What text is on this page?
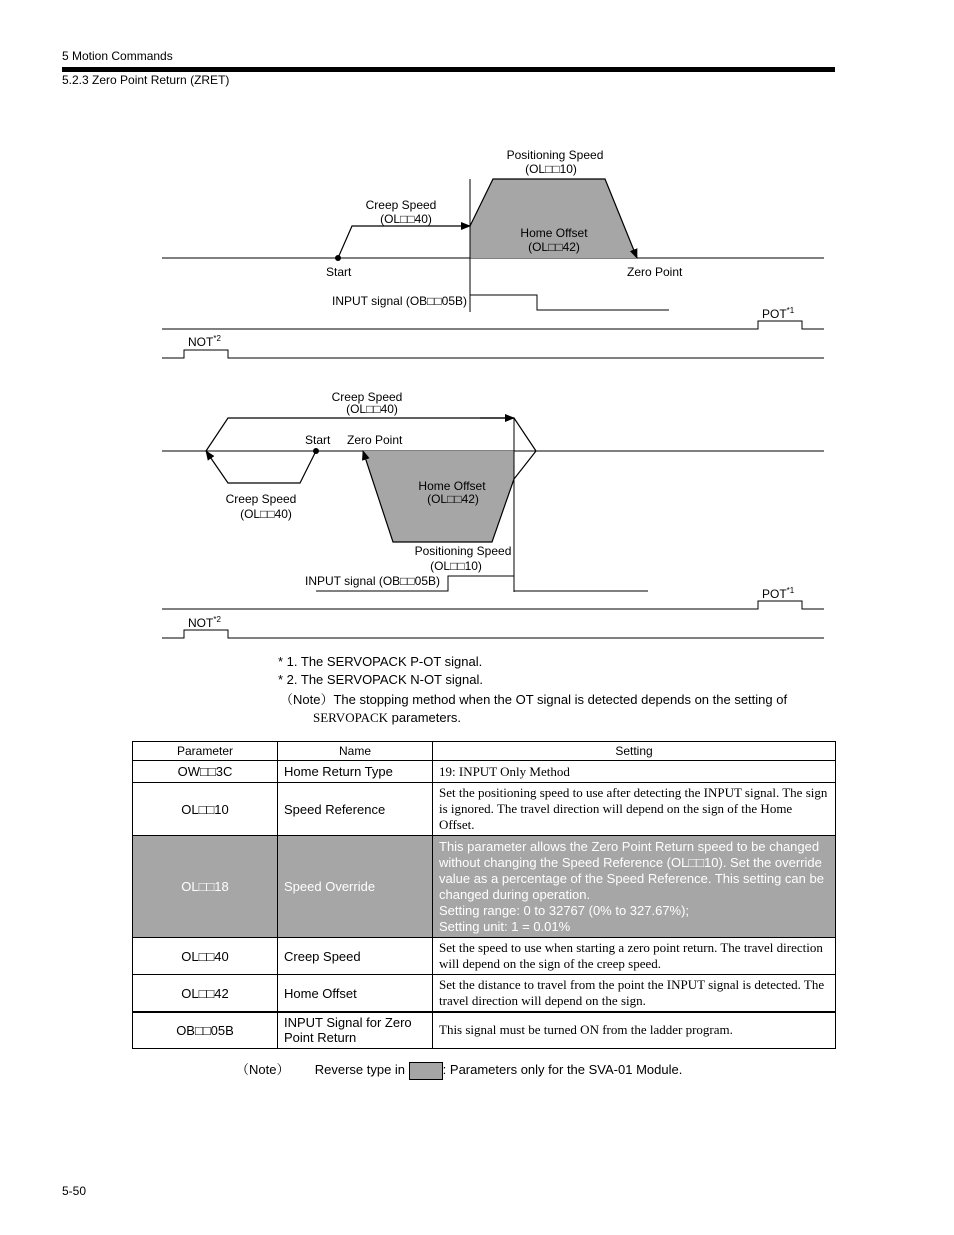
5 Motion Commands
5.2.3 Zero Point Return (ZRET)
Positioning Speed
(OL□□10)
Creep Speed
(OL□□40)
Home Offset
(OL□□42)
Start	Zero Point
INPUT signal (OB□□05B)
POT$^{*1}$
NOT$^{*2}$
Creep Speed
(OL□□40)
Start Zero Point
Creep Speed
(OL□□40)
Home Offset
(OL□□42)
Positioning Speed
(OL□□10)
INPUT signal (OB□□05B)
POT$^{*1}$
NOT$^{*2}$
* 1. The SERVOPACK P-OT signal.
* 2. The SERVOPACK N-OT signal.
（Note）The stopping method when the OT signal is detected depends on the setting of
SERVOPACK parameters.
Parameter	Name	Setting
OW□□3C	Home Return Type	19: INPUT Only Method
OL□□10	Speed Reference	Set the positioning speed to use after detecting the INPUT signal. The sign is ignored. The travel direction will depend on the sign of the Home Offset.
OL□□18	Speed Override	This parameter allows the Zero Point Return speed to be changed without changing the Speed Reference (OL□□10). Set the override value as a percentage of the Speed Reference. This setting can be changed during operation.
Setting range: 0 to 32767 (0% to 327.67%);
Setting unit: 1 = 0.01%

OL□□40	Creep Speed	Set the speed to use when starting a zero point return. The travel direction will depend on the sign of the creep speed.
OL□□42	Home Offset	Set the distance to travel from the point the INPUT signal is detected. The travel direction will depend on the sign.
OB□□05B	INPUT Signal for Zero Point Return	This signal must be turned ON from the ladder program.
（Note） Reverse type in	: Parameters only for the SVA-01 Module.
5-50
